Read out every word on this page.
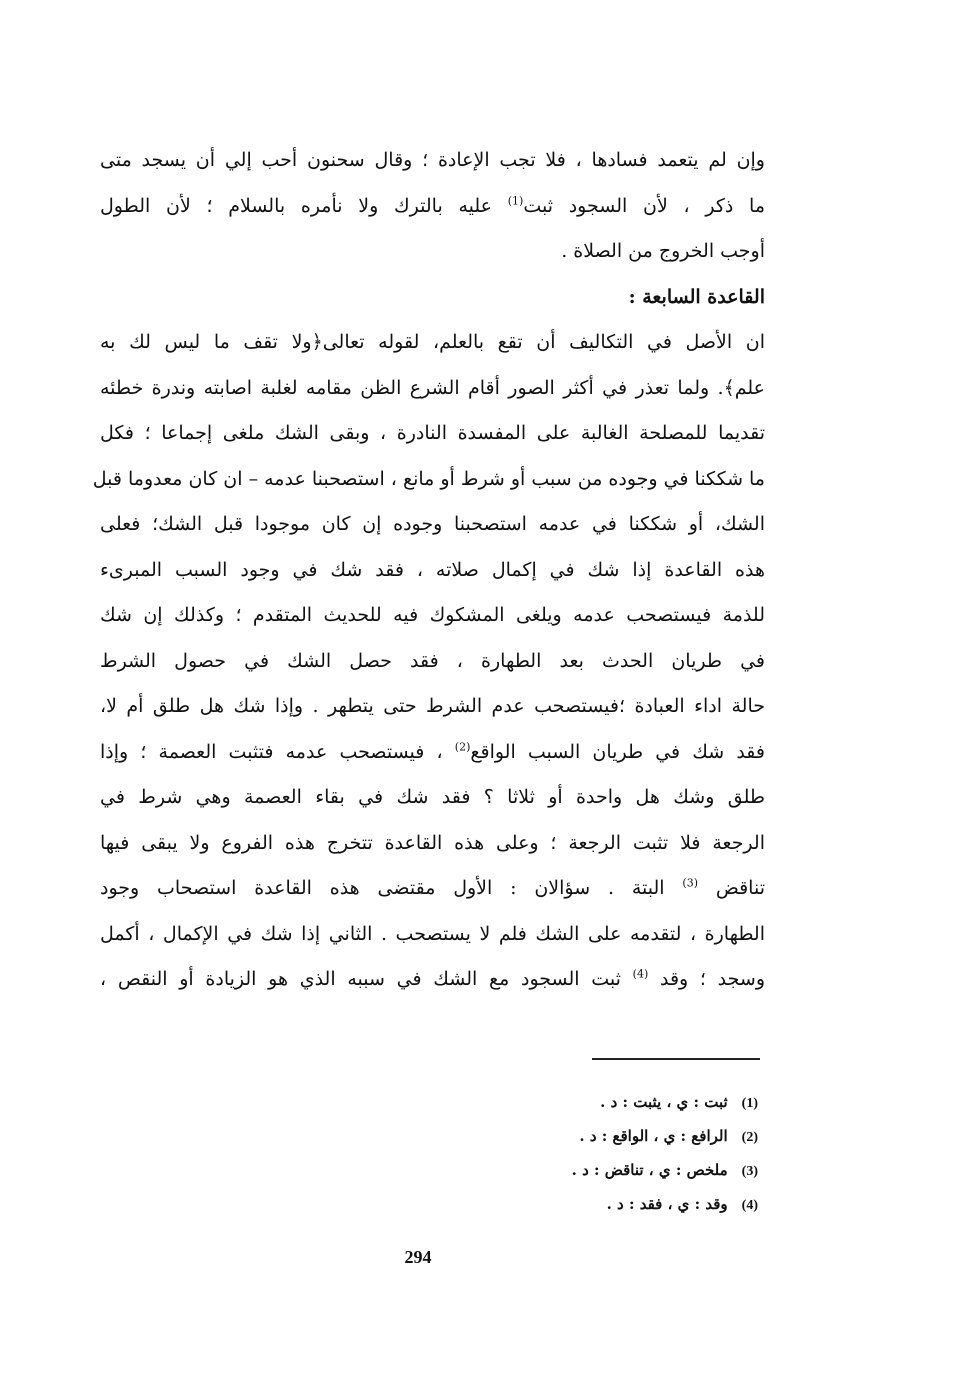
وإن لم يتعمد فسادها ، فلا تجب الإعادة ؛ وقال سحنون أحب إلي أن يسجد متى
ما ذكر ، لأن السجود ثبت$^{(1)}$ عليه بالترك ولا نأمره بالسلام ؛ لأن الطول
أوجب الخروج من الصلاة .

القاعدة السابعة :

ان الأصل في التكاليف أن تقع بالعلم، لقوله تعالى﴿ولا تقف ما ليس لك به
علم﴾. ولما تعذر في أكثر الصور أقام الشرع الظن مقامه لغلبة اصابته وندرة خطئه
تقديما للمصلحة الغالبة على المفسدة النادرة ، وبقى الشك ملغى إجماعا ؛ فكل
ما شككنا في وجوده من سبب أو شرط أو مانع ، استصحبنا عدمه – ان كان معدوما قبل
الشك، أو شككنا في عدمه استصحبنا وجوده إن كان موجودا قبل الشك؛ فعلى
هذه القاعدة إذا شك في إكمال صلاته ، فقد شك في وجود السبب المبرىء
للذمة فيستصحب عدمه ويلغى المشكوك فيه للحديث المتقدم ؛ وكذلك إن شك
في طريان الحدث بعد الطهارة ، فقد حصل الشك في حصول الشرط
حالة اداء العبادة ؛فيستصحب عدم الشرط حتى يتطهر . وإذا شك هل طلق أم لا،
فقد شك في طريان السبب الواقع$^{(2)}$ ، فيستصحب عدمه فتثبت العصمة ؛ وإذا
طلق وشك هل واحدة أو ثلاثا ؟ فقد شك في بقاء العصمة وهي شرط في
الرجعة فلا تثبت الرجعة ؛ وعلى هذه القاعدة تتخرج هذه الفروع ولا يبقى فيها
تناقض $^{(3)}$ البتة . سؤالان : الأول مقتضى هذه القاعدة استصحاب وجود
الطهارة ، لتقدمه على الشك فلم لا يستصحب . الثاني إذا شك في الإكمال ، أكمل
وسجد ؛ وقد $^{(4)}$ ثبت السجود مع الشك في سببه الذي هو الزيادة أو النقص ،

(1)ثبت : ي ، يثبت : د .
(2)الرافع : ي ، الواقع : د .
(3)ملخص : ي ، تناقض : د .
(4)وقد : ي ، فقد : د .
294
